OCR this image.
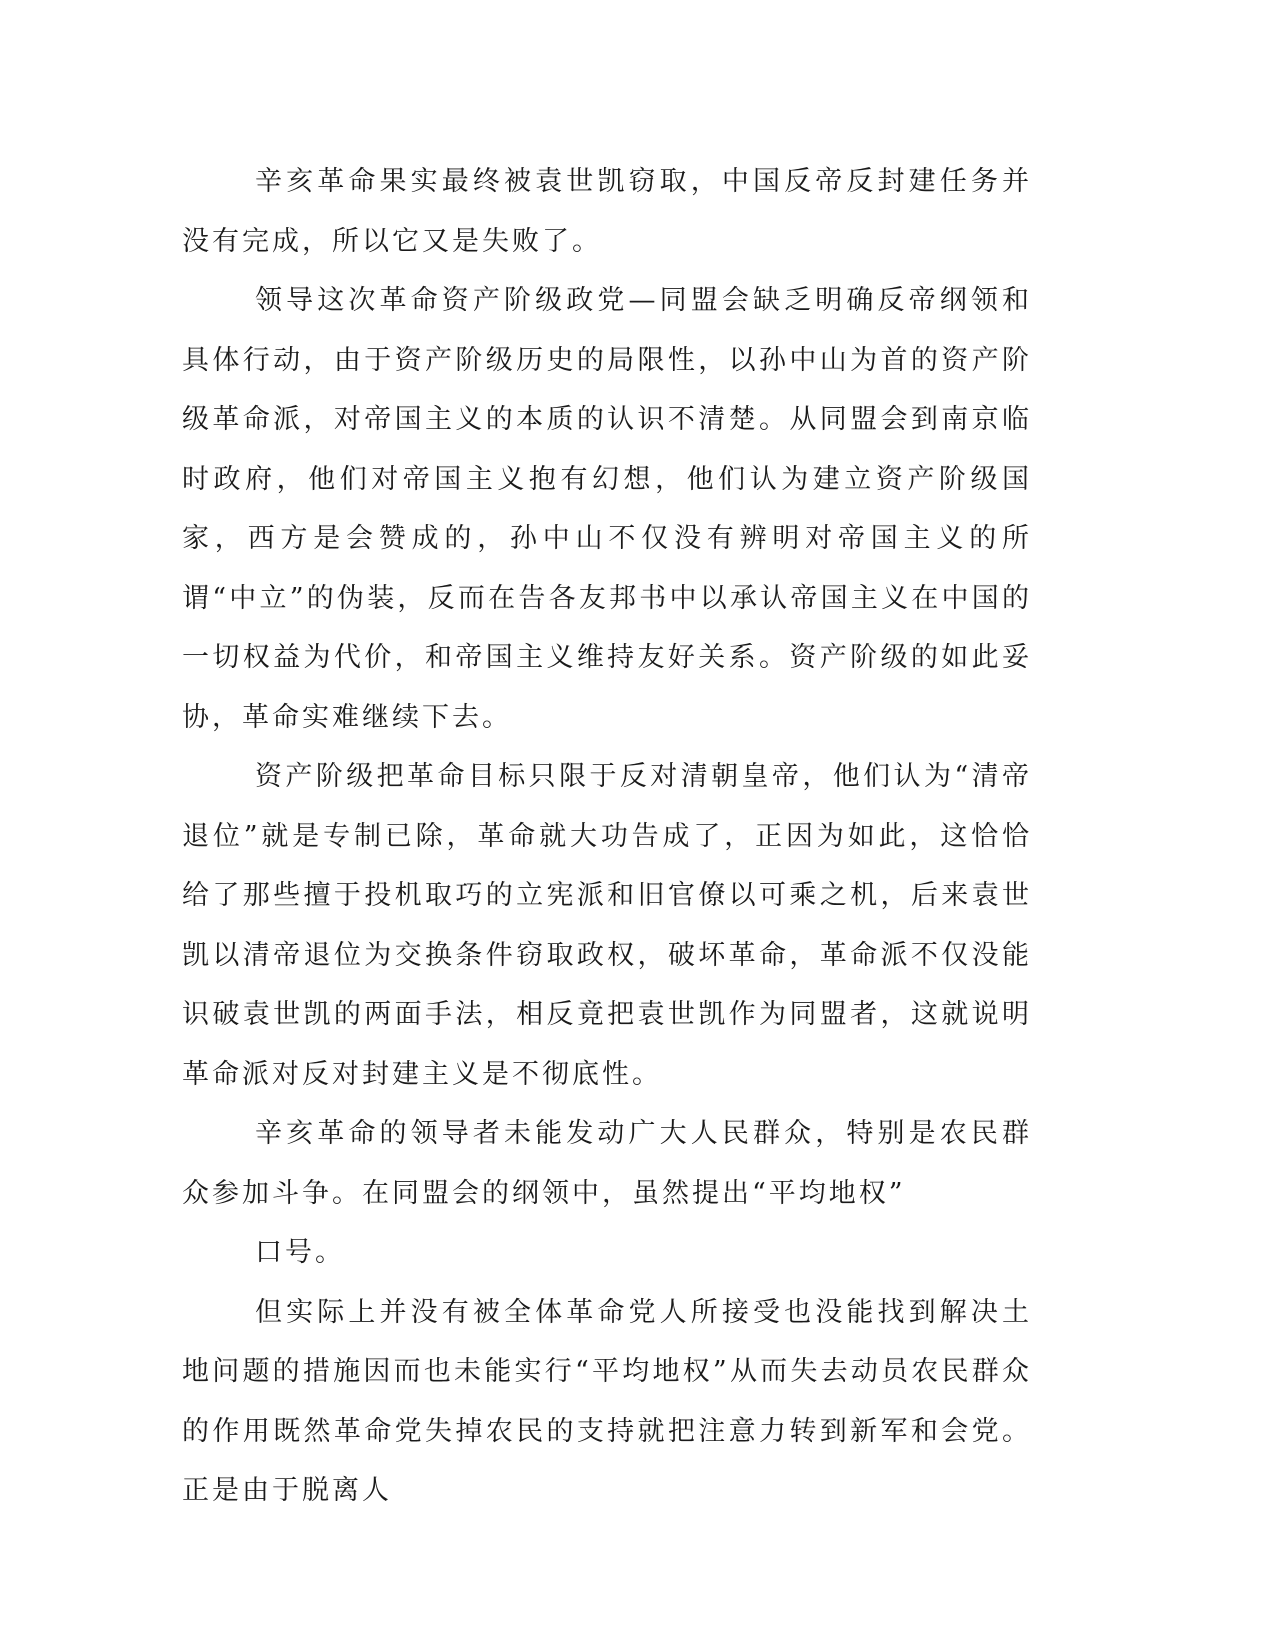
辛亥革命果实最终被袁世凯窃取，中国反帝反封建任务并没有完成，所以它又是失败了。

领导这次革命资产阶级政党—同盟会缺乏明确反帝纲领和具体行动，由于资产阶级历史的局限性，以孙中山为首的资产阶级革命派，对帝国主义的本质的认识不清楚。从同盟会到南京临时政府，他们对帝国主义抱有幻想，他们认为建立资产阶级国家，西方是会赞成的，孙中山不仅没有辨明对帝国主义的所谓“中立”的伪装，反而在告各友邦书中以承认帝国主义在中国的一切权益为代价，和帝国主义维持友好关系。资产阶级的如此妥协，革命实难继续下去。

资产阶级把革命目标只限于反对清朝皇帝，他们认为“清帝退位”就是专制已除，革命就大功告成了，正因为如此，这恰恰给了那些擅于投机取巧的立宪派和旧官僚以可乘之机，后来袁世凯以清帝退位为交换条件窃取政权，破坏革命，革命派不仅没能识破袁世凯的两面手法，相反竟把袁世凯作为同盟者，这就说明革命派对反对封建主义是不彻底性。

辛亥革命的领导者未能发动广大人民群众，特别是农民群众参加斗争。在同盟会的纲领中，虽然提出“平均地权”

口号。

但实际上并没有被全体革命党人所接受也没能找到解决土地问题的措施因而也未能实行“平均地权”从而失去动员农民群众的作用既然革命党失掉农民的支持就把注意力转到新军和会党。正是由于脱离人
